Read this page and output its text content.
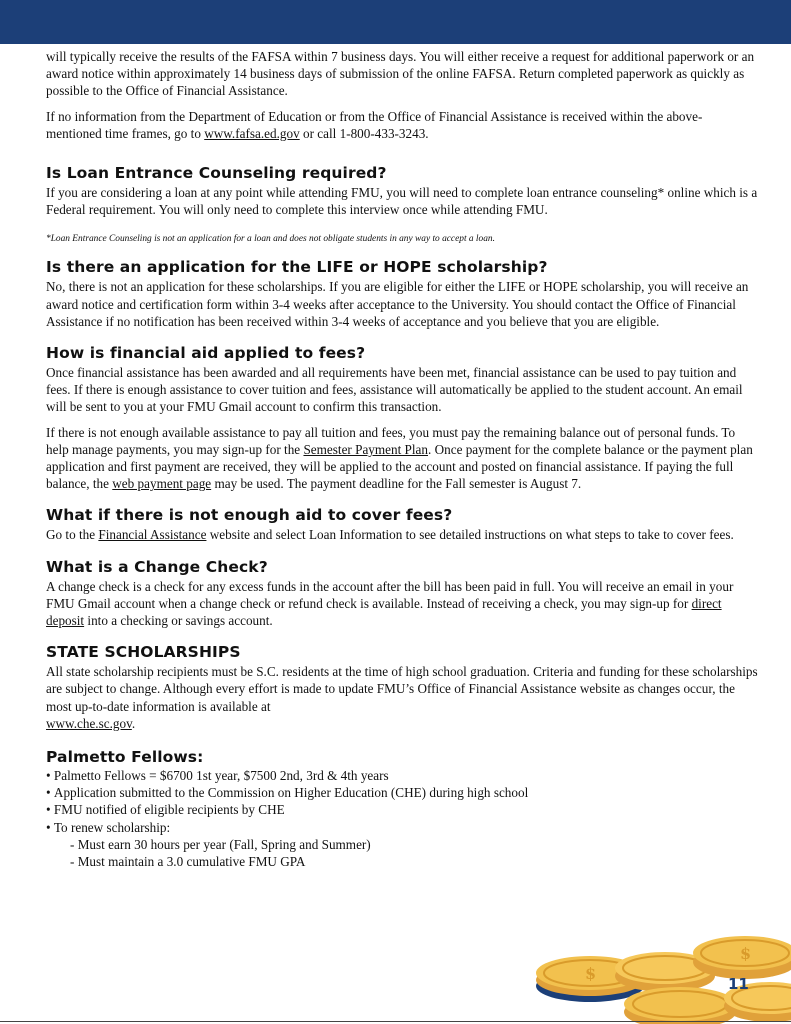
will typically receive the results of the FAFSA within 7 business days. You will either receive a request for additional paperwork or an award notice within approximately 14 business days of submission of the online FAFSA. Return completed paperwork as quickly as possible to the Office of Financial Assistance.

If no information from the Department of Education or from the Office of Financial Assistance is received within the above-mentioned time frames, go to www.fafsa.ed.gov or call 1-800-433-3243.

Is Loan Entrance Counseling required?

If you are considering a loan at any point while attending FMU, you will need to complete loan entrance counseling* online which is a Federal requirement. You will only need to complete this interview once while attending FMU.

*Loan Entrance Counseling is not an application for a loan and does not obligate students in any way to accept a loan.

Is there an application for the LIFE or HOPE scholarship?

No, there is not an application for these scholarships. If you are eligible for either the LIFE or HOPE scholarship, you will receive an award notice and certification form within 3-4 weeks after acceptance to the University. You should contact the Office of Financial Assistance if no notification has been received within 3-4 weeks of acceptance and you believe that you are eligible.

How is financial aid applied to fees?

Once financial assistance has been awarded and all requirements have been met, financial assistance can be used to pay tuition and fees. If there is enough assistance to cover tuition and fees, assistance will automatically be applied to the student account. An email will be sent to you at your FMU Gmail account to confirm this transaction.

If there is not enough available assistance to pay all tuition and fees, you must pay the remaining balance out of personal funds. To help manage payments, you may sign-up for the Semester Payment Plan. Once payment for the complete balance or the payment plan application and first payment are received, they will be applied to the account and posted on financial assistance. If paying the full balance, the web payment page may be used. The payment deadline for the Fall semester is August 7.

What if there is not enough aid to cover fees?

Go to the Financial Assistance website and select Loan Information to see detailed instructions on what steps to take to cover fees.

What is a Change Check?

A change check is a check for any excess funds in the account after the bill has been paid in full. You will receive an email in your FMU Gmail account when a change check or refund check is available. Instead of receiving a check, you may sign-up for direct deposit into a checking or savings account.

STATE SCHOLARSHIPS

All state scholarship recipients must be S.C. residents at the time of high school graduation. Criteria and funding for these scholarships are subject to change. Although every effort is made to update FMU’s Office of Financial Assistance website as changes occur, the most up-to-date information is available at

www.che.sc.gov.

Palmetto Fellows:
• Palmetto Fellows = $6700 1st year, $7500 2nd, 3rd & 4th years
• Application submitted to the Commission on Higher Education (CHE) during high school
• FMU notified of eligible recipients by CHE
• To renew scholarship:
- Must earn 30 hours per year (Fall, Spring and Summer)
- Must maintain a 3.0 cumulative FMU GPA
$
$
11
